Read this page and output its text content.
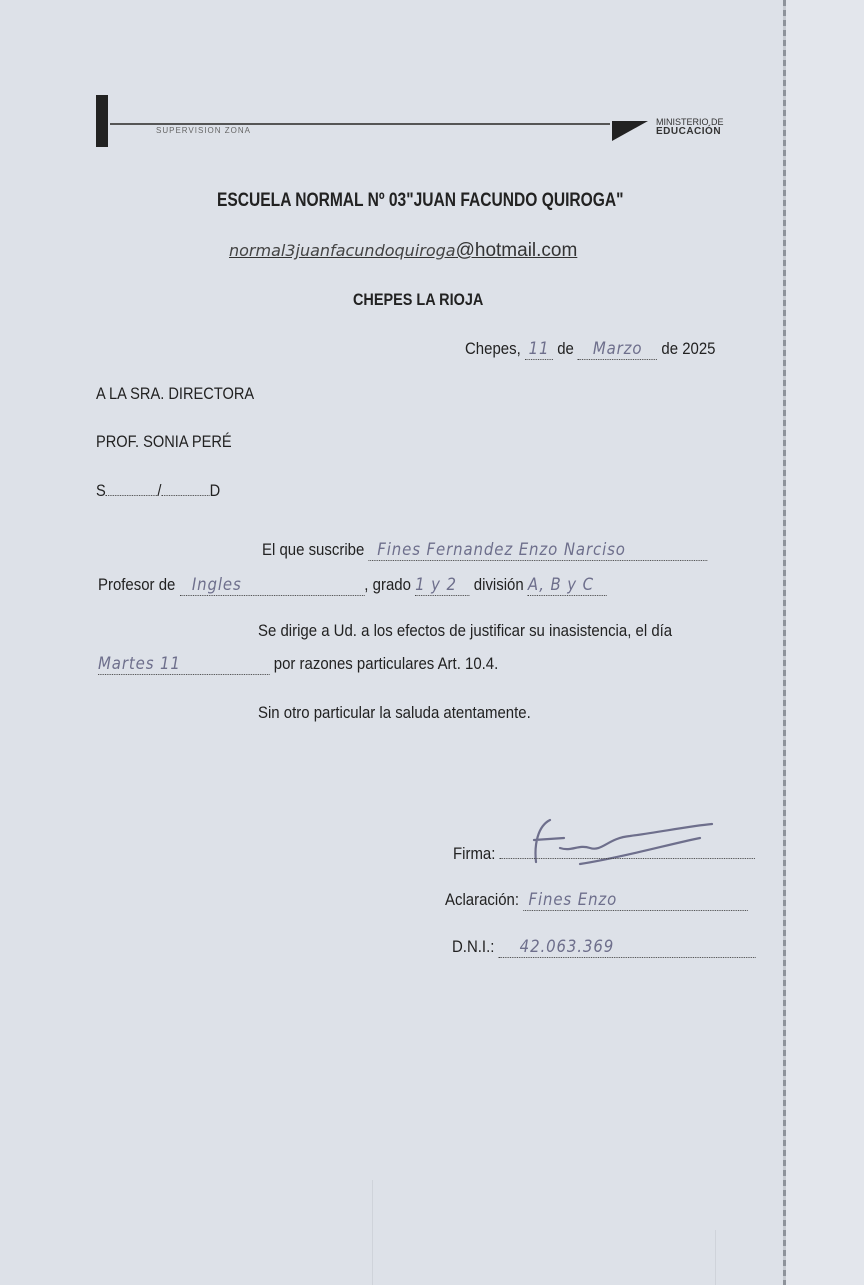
SUPERVISION ZONA
MINISTERIO DE
EDUCACIÓN
ESCUELA NORMAL Nº 03"JUAN FACUNDO QUIROGA"
normal3juanfacundoquiroga@hotmail.com
CHEPES LA RIOJA
Chepes, 11 de Marzo de 2025
A LA SRA. DIRECTORA
PROF. SONIA PERÉ
S	/	D
El que suscribe Fines Fernandez Enzo Narciso
Profesor de Ingles	, grado 1 y 2 división A, B y C
Se dirige a Ud. a los efectos de justificar su inasistencia, el día
Martes 11	por razones particulares Art. 10.4.
Sin otro particular la saluda atentamente.
Firma:
Aclaración: Fines Enzo
D.N.I.: 42.063.369
